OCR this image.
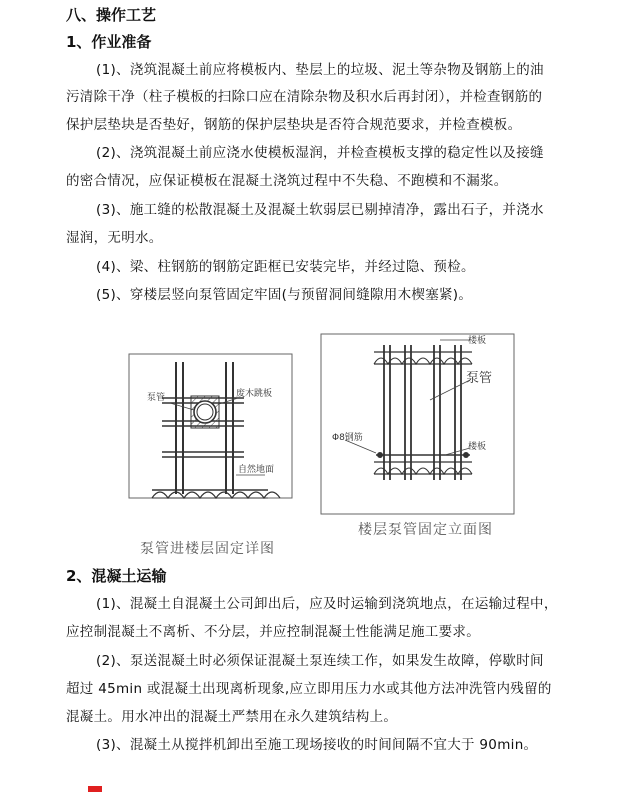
八、操作工艺
1、作业准备
(1)、浇筑混凝土前应将模板内、垫层上的垃圾、泥土等杂物及钢筋上的油
污清除干净（柱子模板的扫除口应在清除杂物及积水后再封闭），并检查钢筋的
保护层垫块是否垫好，钢筋的保护层垫块是否符合规范要求，并检查模板。
(2)、浇筑混凝土前应浇水使模板湿润，并检查模板支撑的稳定性以及接缝
的密合情况，应保证模板在混凝土浇筑过程中不失稳、不跑模和不漏浆。
(3)、施工缝的松散混凝土及混凝土软弱层已剔掉清净，露出石子，并浇水
湿润，无明水。
(4)、梁、柱钢筋的钢筋定距框已安装完毕，并经过隐、预检。
(5)、穿楼层竖向泵管固定牢固(与预留洞间缝隙用木楔塞紧)。
泵管	废木跳板
自然地面
楼板
泵管
Φ8钢筋
楼板
泵管进楼层固定详图
楼层泵管固定立面图
2、混凝土运输
(1)、混凝土自混凝土公司卸出后，应及时运输到浇筑地点，在运输过程中，
应控制混凝土不离析、不分层，并应控制混凝土性能满足施工要求。
(2)、泵送混凝土时必须保证混凝土泵连续工作，如果发生故障，停歇时间
超过 45min 或混凝土出现离析现象,应立即用压力水或其他方法冲洗管内残留的
混凝土。用水冲出的混凝土严禁用在永久建筑结构上。
(3)、混凝土从搅拌机卸出至施工现场接收的时间间隔不宜大于 90min。
